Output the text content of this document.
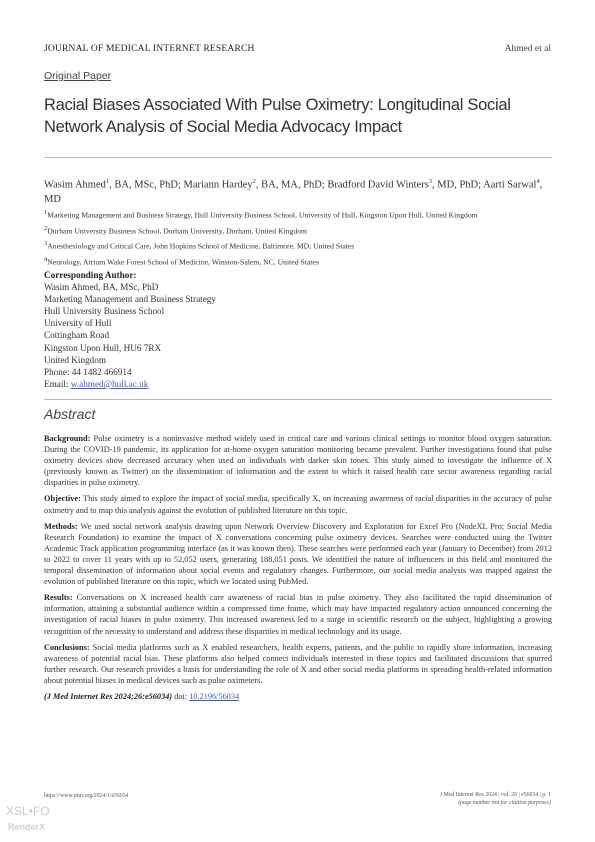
JOURNAL OF MEDICAL INTERNET RESEARCH	Ahmed et al
Original Paper
Racial Biases Associated With Pulse Oximetry: Longitudinal Social Network Analysis of Social Media Advocacy Impact
Wasim Ahmed$^1$, BA, MSc, PhD; Mariann Hardey$^2$, BA, MA, PhD; Bradford David Winters$^3$, MD, PhD; Aarti Sarwal$^4$, MD
$^1$Marketing Management and Business Strategy, Hull University Business School, University of Hull, Kingston Upon Hull, United Kingdom
$^2$Durham University Business School, Durham University, Durham, United Kingdom
$^3$Anesthesiology and Critical Care, John Hopkins School of Medicine, Baltimore, MD, United States
$^4$Neurology, Atrium Wake Forest School of Medicine, Winston-Salem, NC, United States
Corresponding Author:
Wasim Ahmed, BA, MSc, PhD
Marketing Management and Business Strategy
Hull University Business School
University of Hull
Cottingham Road
Kingston Upon Hull, HU6 7RX
United Kingdom
Phone: 44 1482 466914
Email: w.ahmed@hull.ac.uk
Abstract

Background: Pulse oximetry is a noninvasive method widely used in critical care and various clinical settings to monitor blood oxygen saturation. During the COVID-19 pandemic, its application for at-home oxygen saturation monitoring became prevalent. Further investigations found that pulse oximetry devices show decreased accuracy when used on individuals with darker skin tones. This study aimed to investigate the influence of X (previously known as Twitter) on the dissemination of information and the extent to which it raised health care sector awareness regarding racial disparities in pulse oximetry.

Objective: This study aimed to explore the impact of social media, specifically X, on increasing awareness of racial disparities in the accuracy of pulse oximetry and to map this analysis against the evolution of published literature on this topic.

Methods: We used social network analysis drawing upon Network Overview Discovery and Exploration for Excel Pro (NodeXL Pro; Social Media Research Foundation) to examine the impact of X conversations concerning pulse oximetry devices. Searches were conducted using the Twitter Academic Track application programming interface (as it was known then). These searches were performed each year (January to December) from 2012 to 2022 to cover 11 years with up to 52,052 users, generating 188,051 posts. We identified the nature of influencers in this field and monitored the temporal dissemination of information about social events and regulatory changes. Furthermore, our social media analysis was mapped against the evolution of published literature on this topic, which we located using PubMed.

Results: Conversations on X increased health care awareness of racial bias in pulse oximetry. They also facilitated the rapid dissemination of information, attaining a substantial audience within a compressed time frame, which may have impacted regulatory action announced concerning the investigation of racial biases in pulse oximetry. This increased awareness led to a surge in scientific research on the subject, highlighting a growing recognition of the necessity to understand and address these disparities in medical technology and its usage.

Conclusions: Social media platforms such as X enabled researchers, health experts, patients, and the public to rapidly share information, increasing awareness of potential racial bias. These platforms also helped connect individuals interested in these topics and facilitated discussions that spurred further research. Our research provides a basis for understanding the role of X and other social media platforms in spreading health-related information about potential biases in medical devices such as pulse oximeters.

(J Med Internet Res 2024;26:e56034) doi: 10.2196/56034

https://www.jmir.org/2024/1/e56034	J Med Internet Res 2024 | vol. 26 | e56034 | p. 1
(page number not for citation purposes)
XSL•FO
RenderX
